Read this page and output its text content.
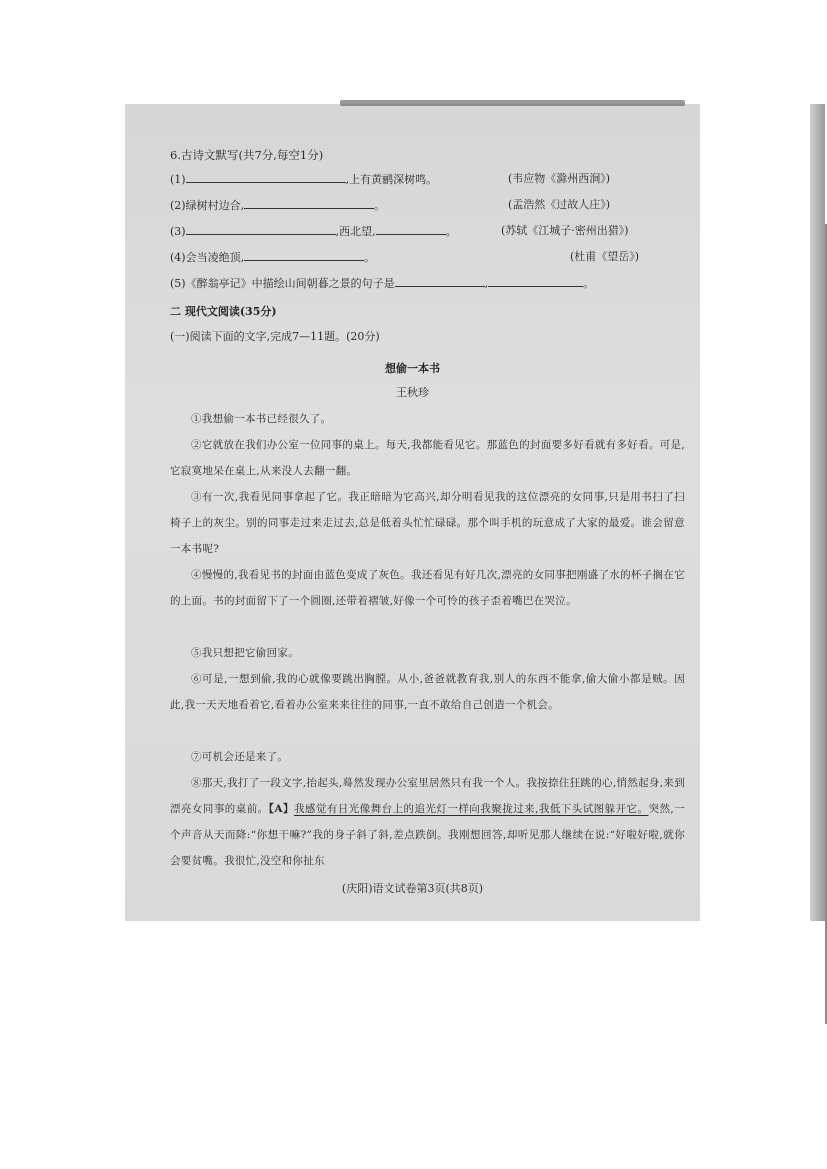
6.古诗文默写(共7分,每空1分)
(1)	,上有黄鹂深树鸣。	(韦应物《滁州西涧》)
(2)绿树村边合,	。	(孟浩然《过故人庄》)
(3)	,西北望,	。	(苏轼《江城子·密州出猎》)
(4)会当凌绝顶,	。	(杜甫《望岳》)
(5)《醉翁亭记》中描绘山间朝暮之景的句子是	,	。
二 现代文阅读(35分)
(一)阅读下面的文字,完成7—11题。(20分)
想偷一本书
王秋珍
①我想偷一本书已经很久了。
②它就放在我们办公室一位同事的桌上。每天,我都能看见它。那蓝色的封面要多好看就有多好看。可是,它寂寞地呆在桌上,从来没人去翻一翻。
③有一次,我看见同事拿起了它。我正暗暗为它高兴,却分明看见我的这位漂亮的女同事,只是用书扫了扫椅子上的灰尘。别的同事走过来走过去,总是低着头忙忙碌碌。那个叫手机的玩意成了大家的最爱。谁会留意一本书呢?
④慢慢的,我看见书的封面由蓝色变成了灰色。我还看见有好几次,漂亮的女同事把刚盛了水的杯子搁在它的上面。书的封面留下了一个圆圈,还带着褶皱,好像一个可怜的孩子歪着嘴巴在哭泣。
⑤我只想把它偷回家。
⑥可是,一想到偷,我的心就像要跳出胸膛。从小,爸爸就教育我,别人的东西不能拿,偷大偷小都是贼。因此,我一天天地看着它,看着办公室来来往往的同事,一直不敢给自己创造一个机会。
⑦可机会还是来了。
⑧那天,我打了一段文字,抬起头,蓦然发现办公室里居然只有我一个人。我按捺住狂跳的心,悄然起身,来到漂亮女同事的桌前。【A】我感觉有日光像舞台上的追光灯一样向我聚拢过来,我低下头试图躲开它。突然,一个声音从天而降:“你想干嘛?”我的身子斜了斜,差点跌倒。我刚想回答,却听见那人继续在说:“好啦好啦,就你会要贫嘴。我很忙,没空和你扯东
(庆阳)语文试卷第3页(共8页)
